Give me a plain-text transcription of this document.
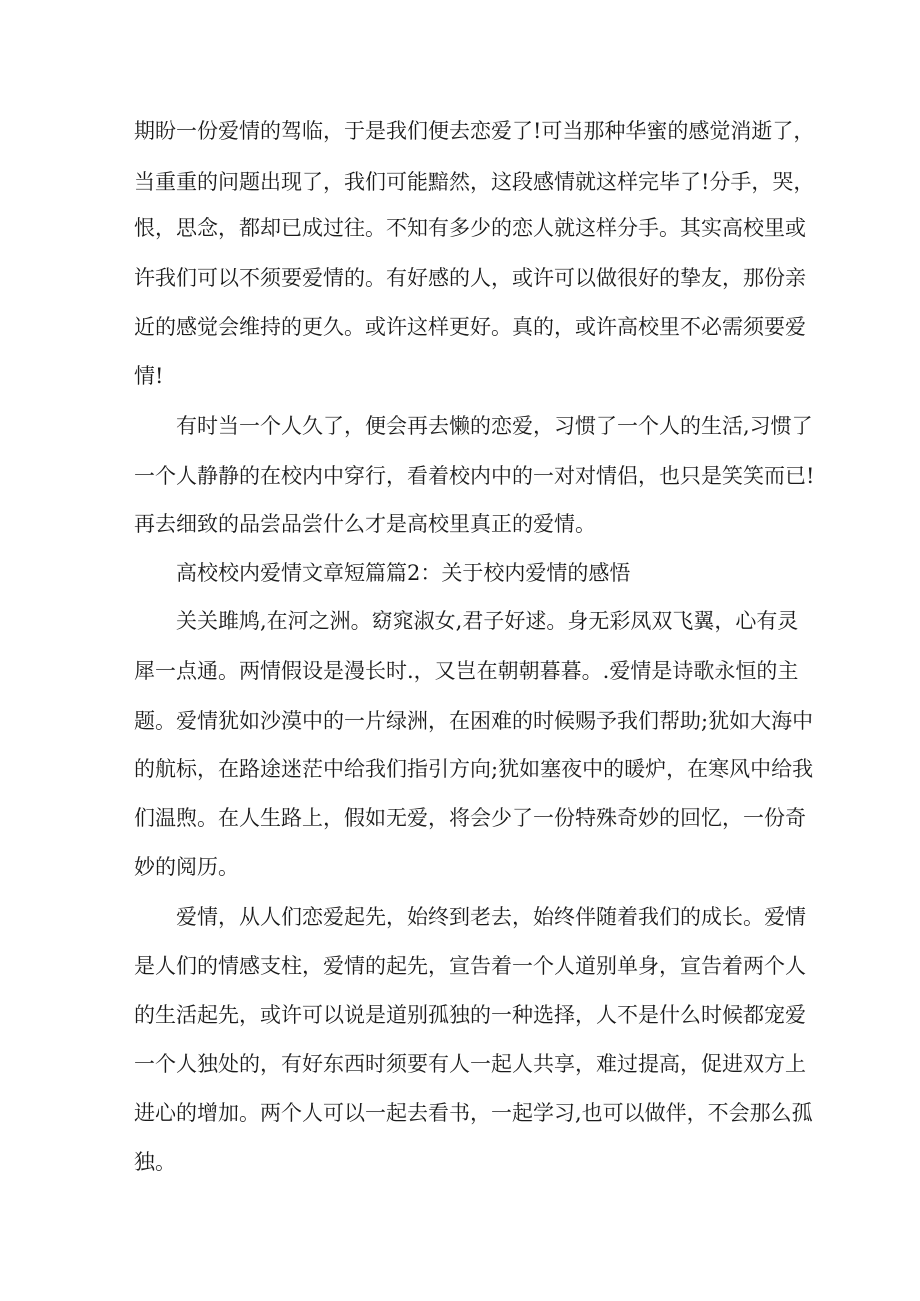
期盼一份爱情的驾临，于是我们便去恋爱了!可当那种华蜜的感觉消逝了，

当重重的问题出现了，我们可能黯然，这段感情就这样完毕了!分手，哭，

恨，思念，都却已成过往。不知有多少的恋人就这样分手。其实高校里或

许我们可以不须要爱情的。有好感的人，或许可以做很好的挚友，那份亲

近的感觉会维持的更久。或许这样更好。真的，或许高校里不必需须要爱

情!

有时当一个人久了，便会再去懒的恋爱，习惯了一个人的生活,习惯了

一个人静静的在校内中穿行，看着校内中的一对对情侣，也只是笑笑而已!

再去细致的品尝品尝什么才是高校里真正的爱情。

高校校内爱情文章短篇篇2：关于校内爱情的感悟

关关雎鸠,在河之洲。窈窕淑女,君子好逑。身无彩凤双飞翼，心有灵

犀一点通。两情假设是漫长时.，又岂在朝朝暮暮。.爱情是诗歌永恒的主

题。爱情犹如沙漠中的一片绿洲，在困难的时候赐予我们帮助;犹如大海中

的航标，在路途迷茫中给我们指引方向;犹如塞夜中的暖炉，在寒风中给我

们温煦。在人生路上，假如无爱，将会少了一份特殊奇妙的回忆，一份奇

妙的阅历。

爱情，从人们恋爱起先，始终到老去，始终伴随着我们的成长。爱情

是人们的情感支柱，爱情的起先，宣告着一个人道别单身，宣告着两个人

的生活起先，或许可以说是道别孤独的一种选择，人不是什么时候都宠爱

一个人独处的，有好东西时须要有人一起人共享，难过提高，促进双方上

进心的增加。两个人可以一起去看书，一起学习,也可以做伴，不会那么孤

独。
